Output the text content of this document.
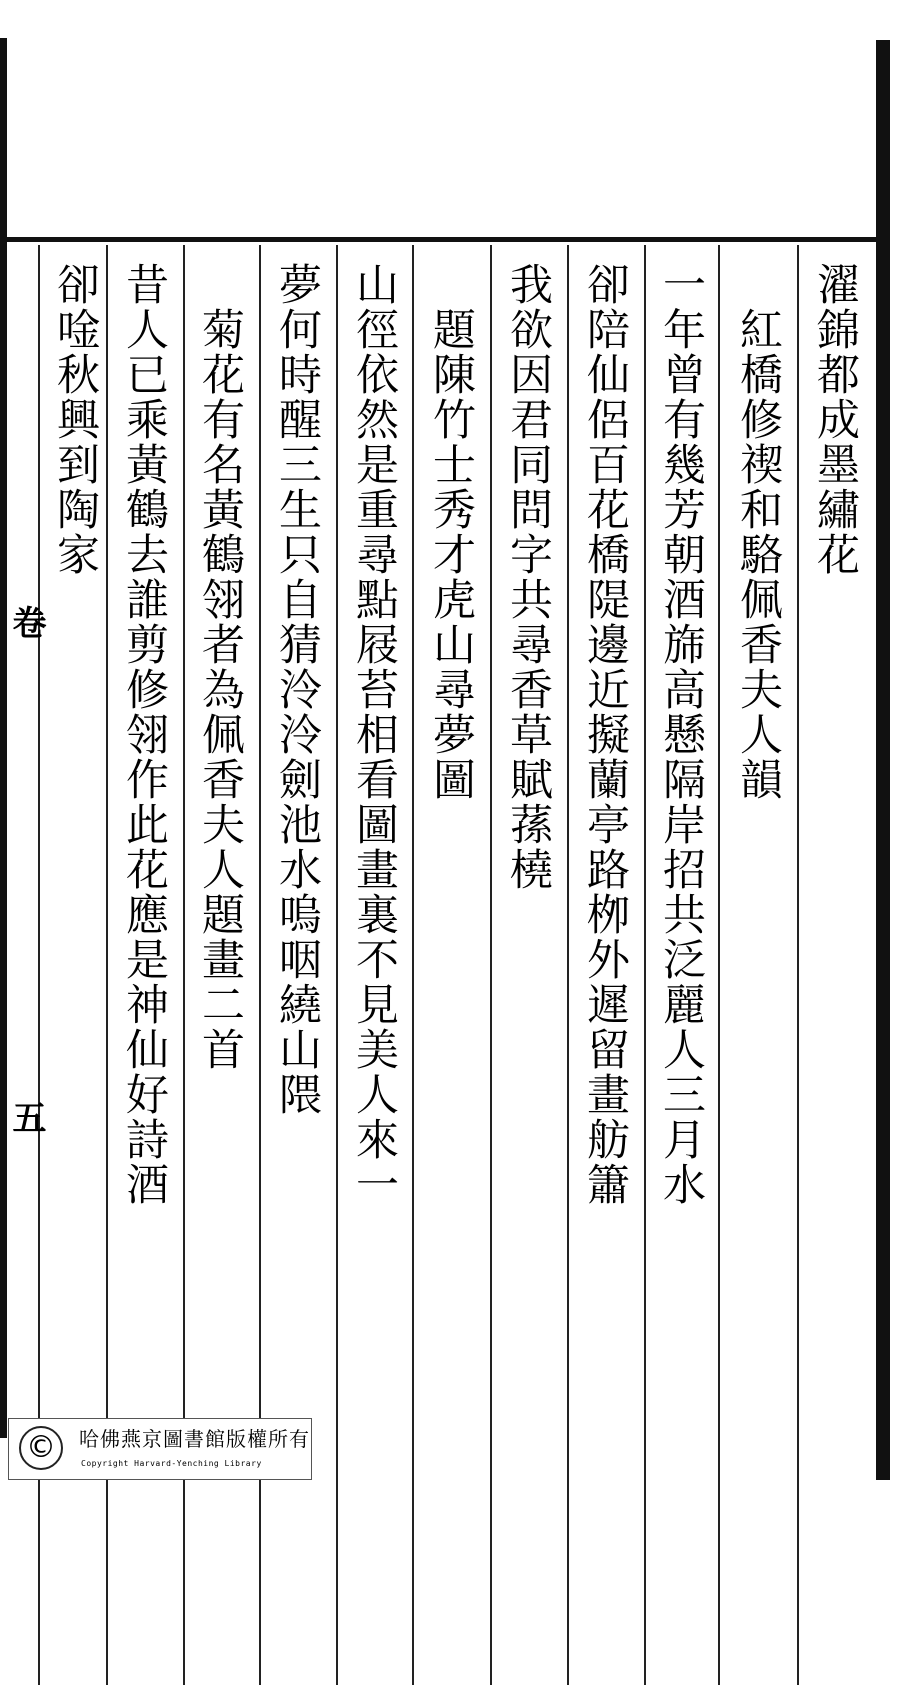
濯錦都成墨繡花
　紅橋修禊和駱佩香夫人韻
一年曾有幾芳朝酒旆高懸隔岸招共泛麗人三月水
卻陪仙侶百花橋隄邊近擬蘭亭路栁外遲留畫舫簫
我欲因君同問字共尋香草賦蓀橈
　題陳竹士秀才虎山尋夢圖
山徑依然是重尋點屐苔相看圖畫裏不見美人來一
夢何時醒三生只自猜泠泠劍池水嗚咽繞山隈
　菊花有名黃鶴翎者為佩香夫人題畫二首
昔人已乘黃鶴去誰剪修翎作此花應是神仙好詩酒
卻唫秋興到陶家
卷
五
©	哈佛燕京圖書館版權所有
Copyright Harvard-Yenching Library
